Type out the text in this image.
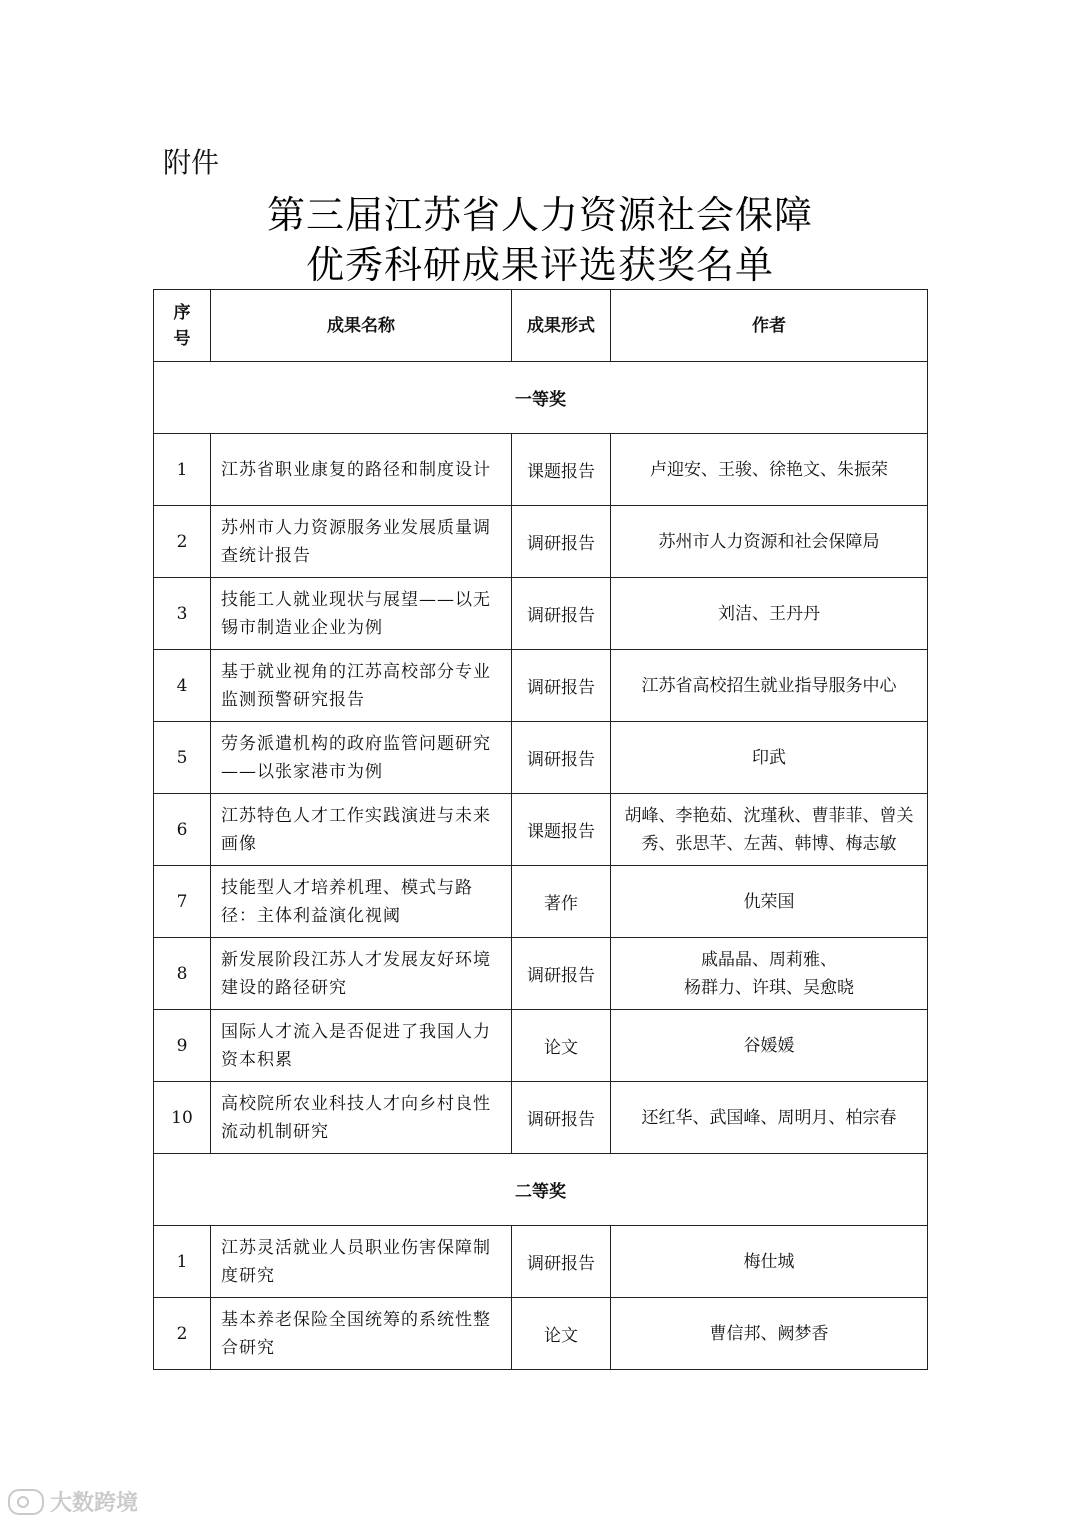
附件
第三届江苏省人力资源社会保障
优秀科研成果评选获奖名单
序号	成果名称	成果形式	作者
一等奖			
1	江苏省职业康复的路径和制度设计	课题报告	卢迎安、王骏、徐艳文、朱振荣

2	苏州市人力资源服务业发展质量调查统计报告	调研报告	苏州市人力资源和社会保障局

3	技能工人就业现状与展望——以无锡市制造业企业为例	调研报告	刘洁、王丹丹

4	基于就业视角的江苏高校部分专业监测预警研究报告	调研报告	江苏省高校招生就业指导服务中心

5	劳务派遣机构的政府监管问题研究——以张家港市为例	调研报告	印武

6	江苏特色人才工作实践演进与未来画像	课题报告	胡峰、李艳茹、沈瑾秋、曹菲菲、曾关秀、张思芊、左茜、韩博、梅志敏

7	技能型人才培养机理、模式与路径：主体利益演化视阈	著作	仇荣国

8	新发展阶段江苏人才发展友好环境建设的路径研究	调研报告	戚晶晶、周莉雅、
杨群力、许琪、吴愈晓

9	国际人才流入是否促进了我国人力资本积累	论文	谷媛媛

10	高校院所农业科技人才向乡村良性流动机制研究	调研报告	还红华、武国峰、周明月、柏宗春

二等奖			
1	江苏灵活就业人员职业伤害保障制度研究	调研报告	梅仕城

2	基本养老保险全国统筹的系统性整合研究	论文	曹信邦、阙梦香
大数跨境
